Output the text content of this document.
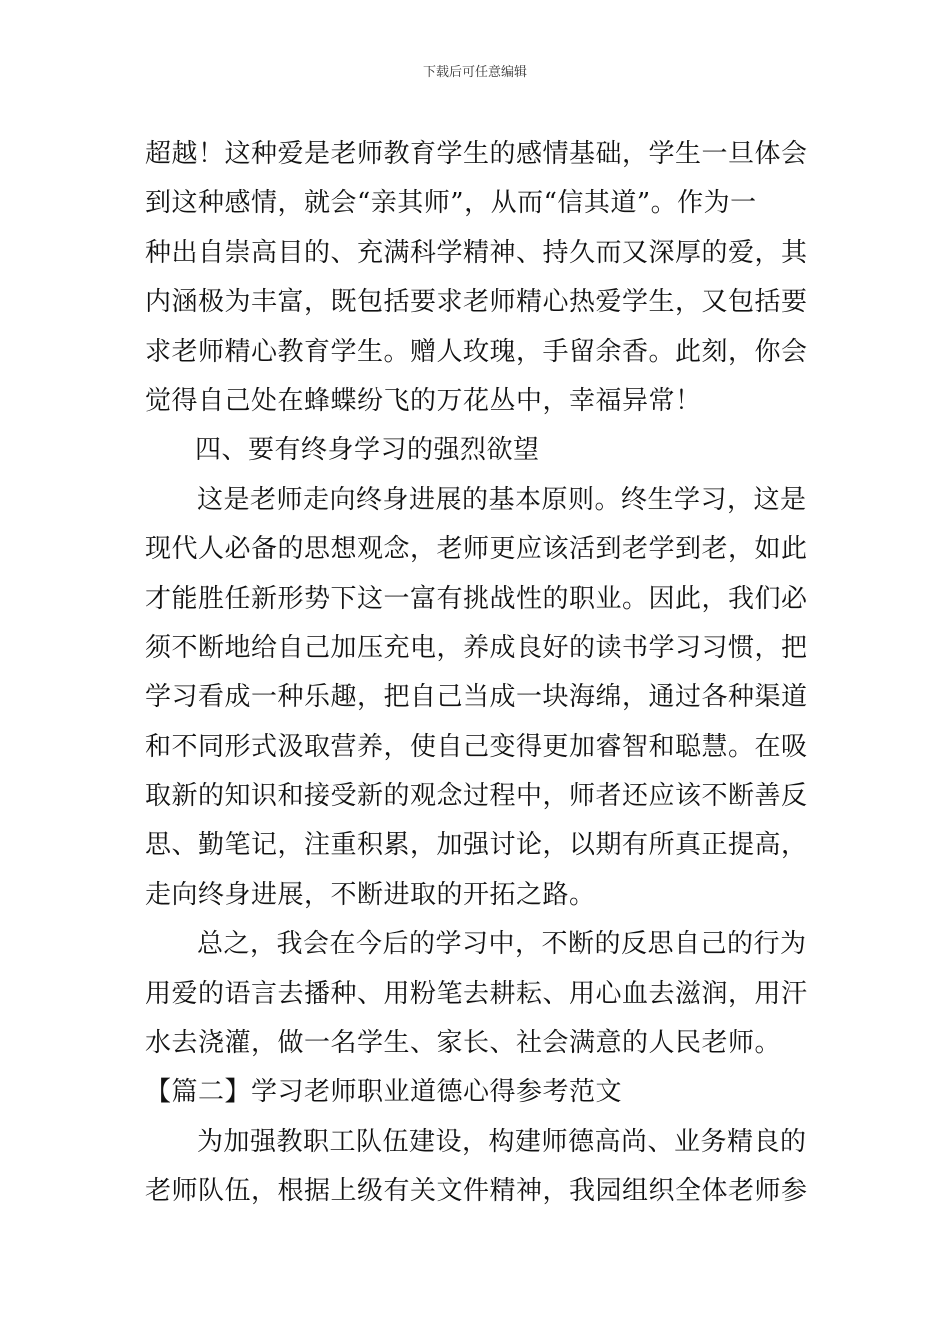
下载后可任意编辑
超越！这种爱是老师教育学生的感情基础，学生一旦体会
到这种感情，就会“亲其师”，从而“信其道”。作为一
种出自崇高目的、充满科学精神、持久而又深厚的爱，其
内涵极为丰富，既包括要求老师精心热爱学生，又包括要
求老师精心教育学生。赠人玫瑰，手留余香。此刻，你会
觉得自己处在蜂蝶纷飞的万花丛中，幸福异常！
四、要有终身学习的强烈欲望
这是老师走向终身进展的基本原则。终生学习，这是
现代人必备的思想观念，老师更应该活到老学到老，如此
才能胜任新形势下这一富有挑战性的职业。因此，我们必
须不断地给自己加压充电，养成良好的读书学习习惯，把
学习看成一种乐趣，把自己当成一块海绵，通过各种渠道
和不同形式汲取营养，使自己变得更加睿智和聪慧。在吸
取新的知识和接受新的观念过程中，师者还应该不断善反
思、勤笔记，注重积累，加强讨论，以期有所真正提高，
走向终身进展，不断进取的开拓之路。
总之，我会在今后的学习中，不断的反思自己的行为
用爱的语言去播种、用粉笔去耕耘、用心血去滋润，用汗
水去浇灌，做一名学生、家长、社会满意的人民老师。
【篇二】学习老师职业道德心得参考范文
为加强教职工队伍建设，构建师德高尚、业务精良的
老师队伍，根据上级有关文件精神，我园组织全体老师参
